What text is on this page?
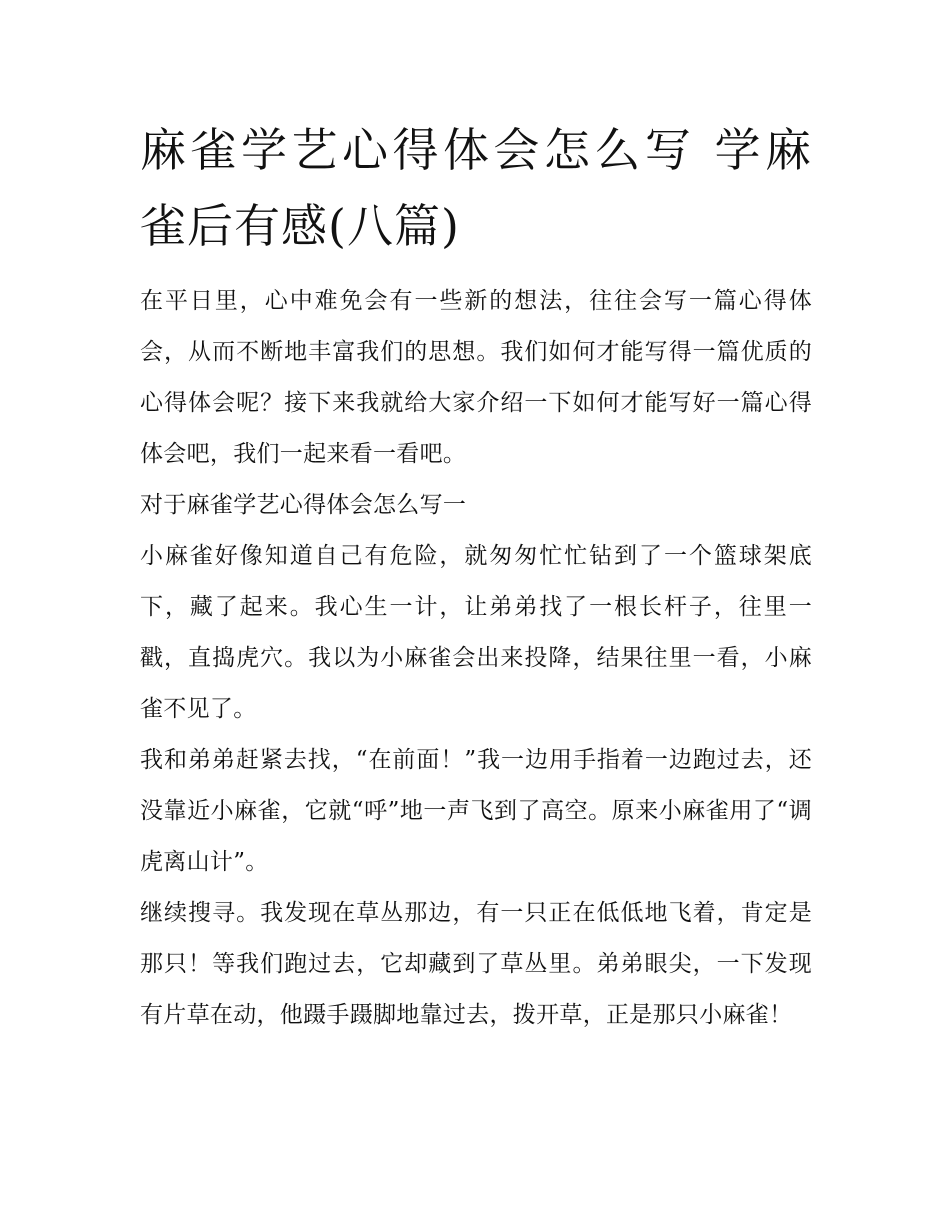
麻雀学艺心得体会怎么写 学麻雀后有感(八篇)

在平日里，心中难免会有一些新的想法，往往会写一篇心得体会，从而不断地丰富我们的思想。我们如何才能写得一篇优质的心得体会呢？接下来我就给大家介绍一下如何才能写好一篇心得体会吧，我们一起来看一看吧。

对于麻雀学艺心得体会怎么写一

小麻雀好像知道自己有危险，就匆匆忙忙钻到了一个篮球架底下，藏了起来。我心生一计，让弟弟找了一根长杆子，往里一戳，直捣虎穴。我以为小麻雀会出来投降，结果往里一看，小麻雀不见了。

我和弟弟赶紧去找，“在前面！”我一边用手指着一边跑过去，还没靠近小麻雀，它就“呼”地一声飞到了高空。原来小麻雀用了“调虎离山计”。

继续搜寻。我发现在草丛那边，有一只正在低低地飞着，肯定是那只！等我们跑过去，它却藏到了草丛里。弟弟眼尖，一下发现有片草在动，他蹑手蹑脚地靠过去，拨开草，正是那只小麻雀！
